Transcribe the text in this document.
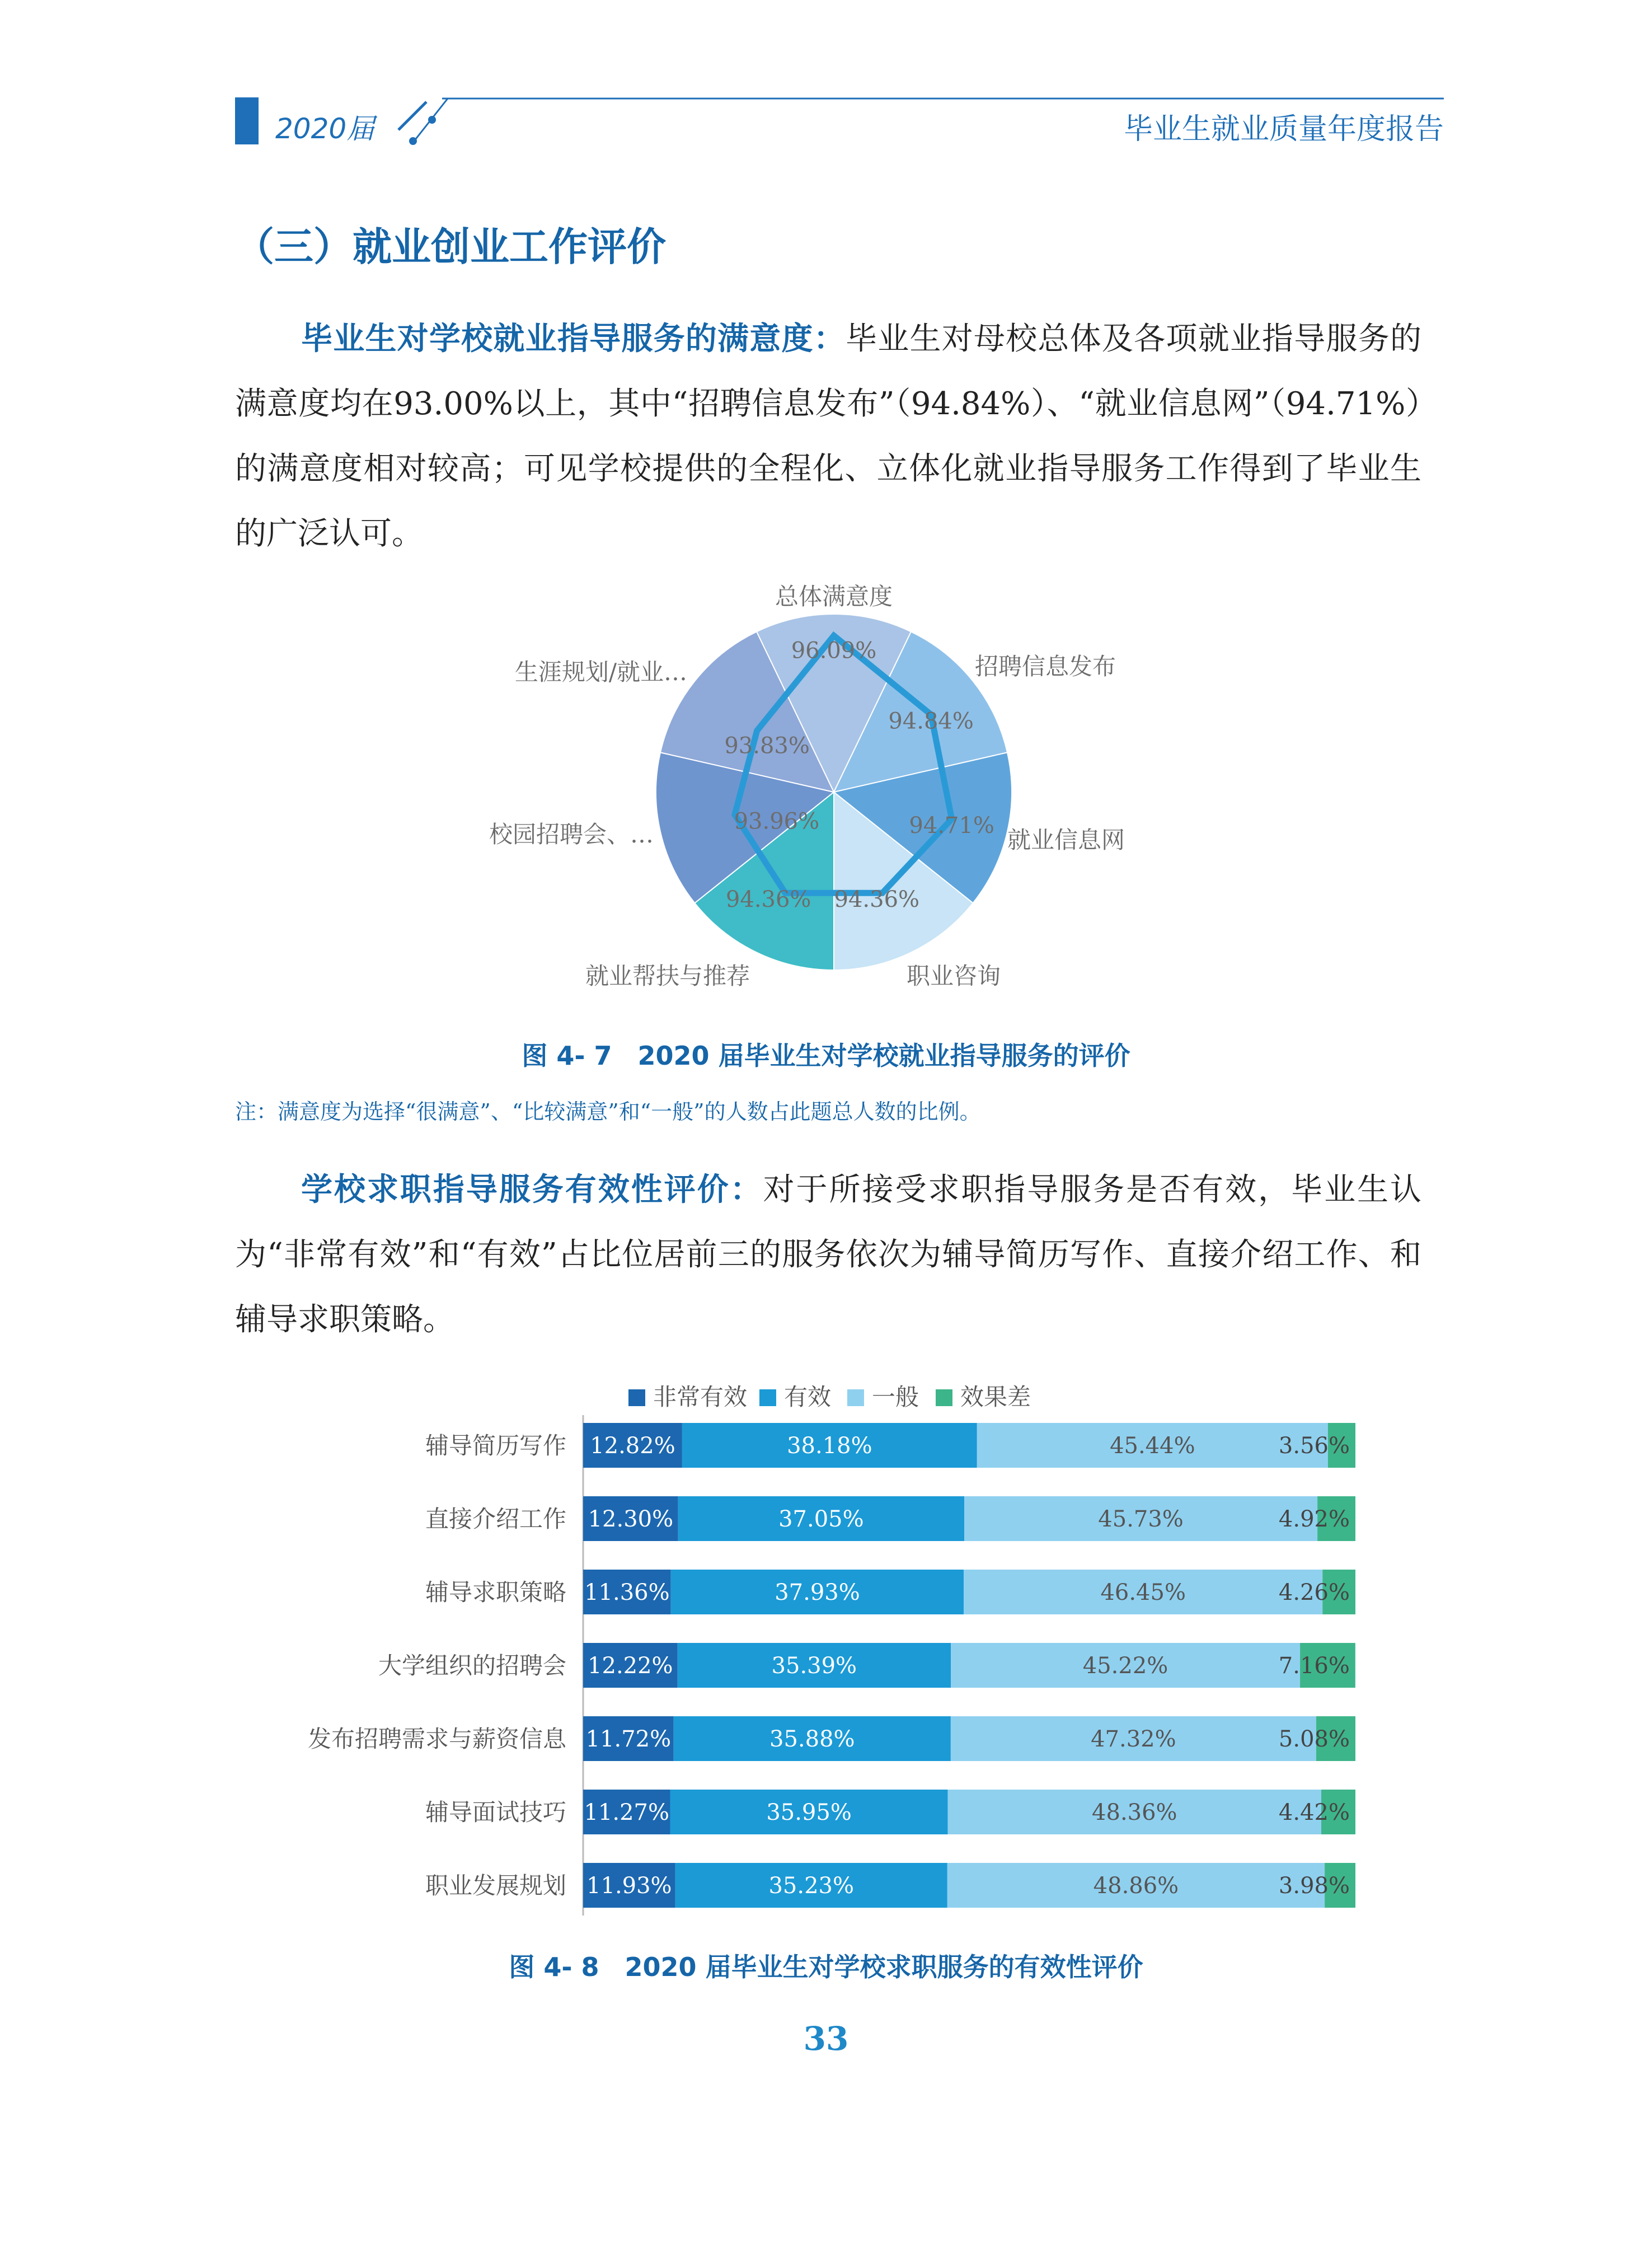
2020届	毕业生就业质量年度报告
（三）就业创业工作评价
毕业生对学校就业指导服务的满意度：毕业生对母校总体及各项就业指导服务的满意度均在93.00%以上，其中“招聘信息发布”（94.84%）、“就业信息网”（94.71%）的满意度相对较高；可见学校提供的全程化、立体化就业指导服务工作得到了毕业生的广泛认可。
96.09%
94.84%
94.71%
94.36%
94.36%
93.96%
93.83%
总体满意度
招聘信息发布
就业信息网
职业咨询
就业帮扶与推荐
校园招聘会、…
生涯规划/就业…
图 4- 7　2020 届毕业生对学校就业指导服务的评价
注：满意度为选择“很满意”、“比较满意”和“一般”的人数占此题总人数的比例。
学校求职指导服务有效性评价：对于所接受求职指导服务是否有效，毕业生认为“非常有效”和“有效”占比位居前三的服务依次为辅导简历写作、直接介绍工作、和辅导求职策略。
非常有效 有效 一般 效果差
辅导简历写作 12.82%	38.18%	45.44%	3.56%
直接介绍工作 12.30%	37.05%	45.73%	4.92%
辅导求职策略 11.36%	37.93%	46.45%	4.26%
大学组织的招聘会 12.22%	35.39%	45.22%	7.16%
发布招聘需求与薪资信息 11.72%	35.88%	47.32%	5.08%
辅导面试技巧 11.27%	35.95%	48.36%	4.42%
职业发展规划 11.93%	35.23%	48.86%	3.98%
图 4- 8　2020 届毕业生对学校求职服务的有效性评价
33
